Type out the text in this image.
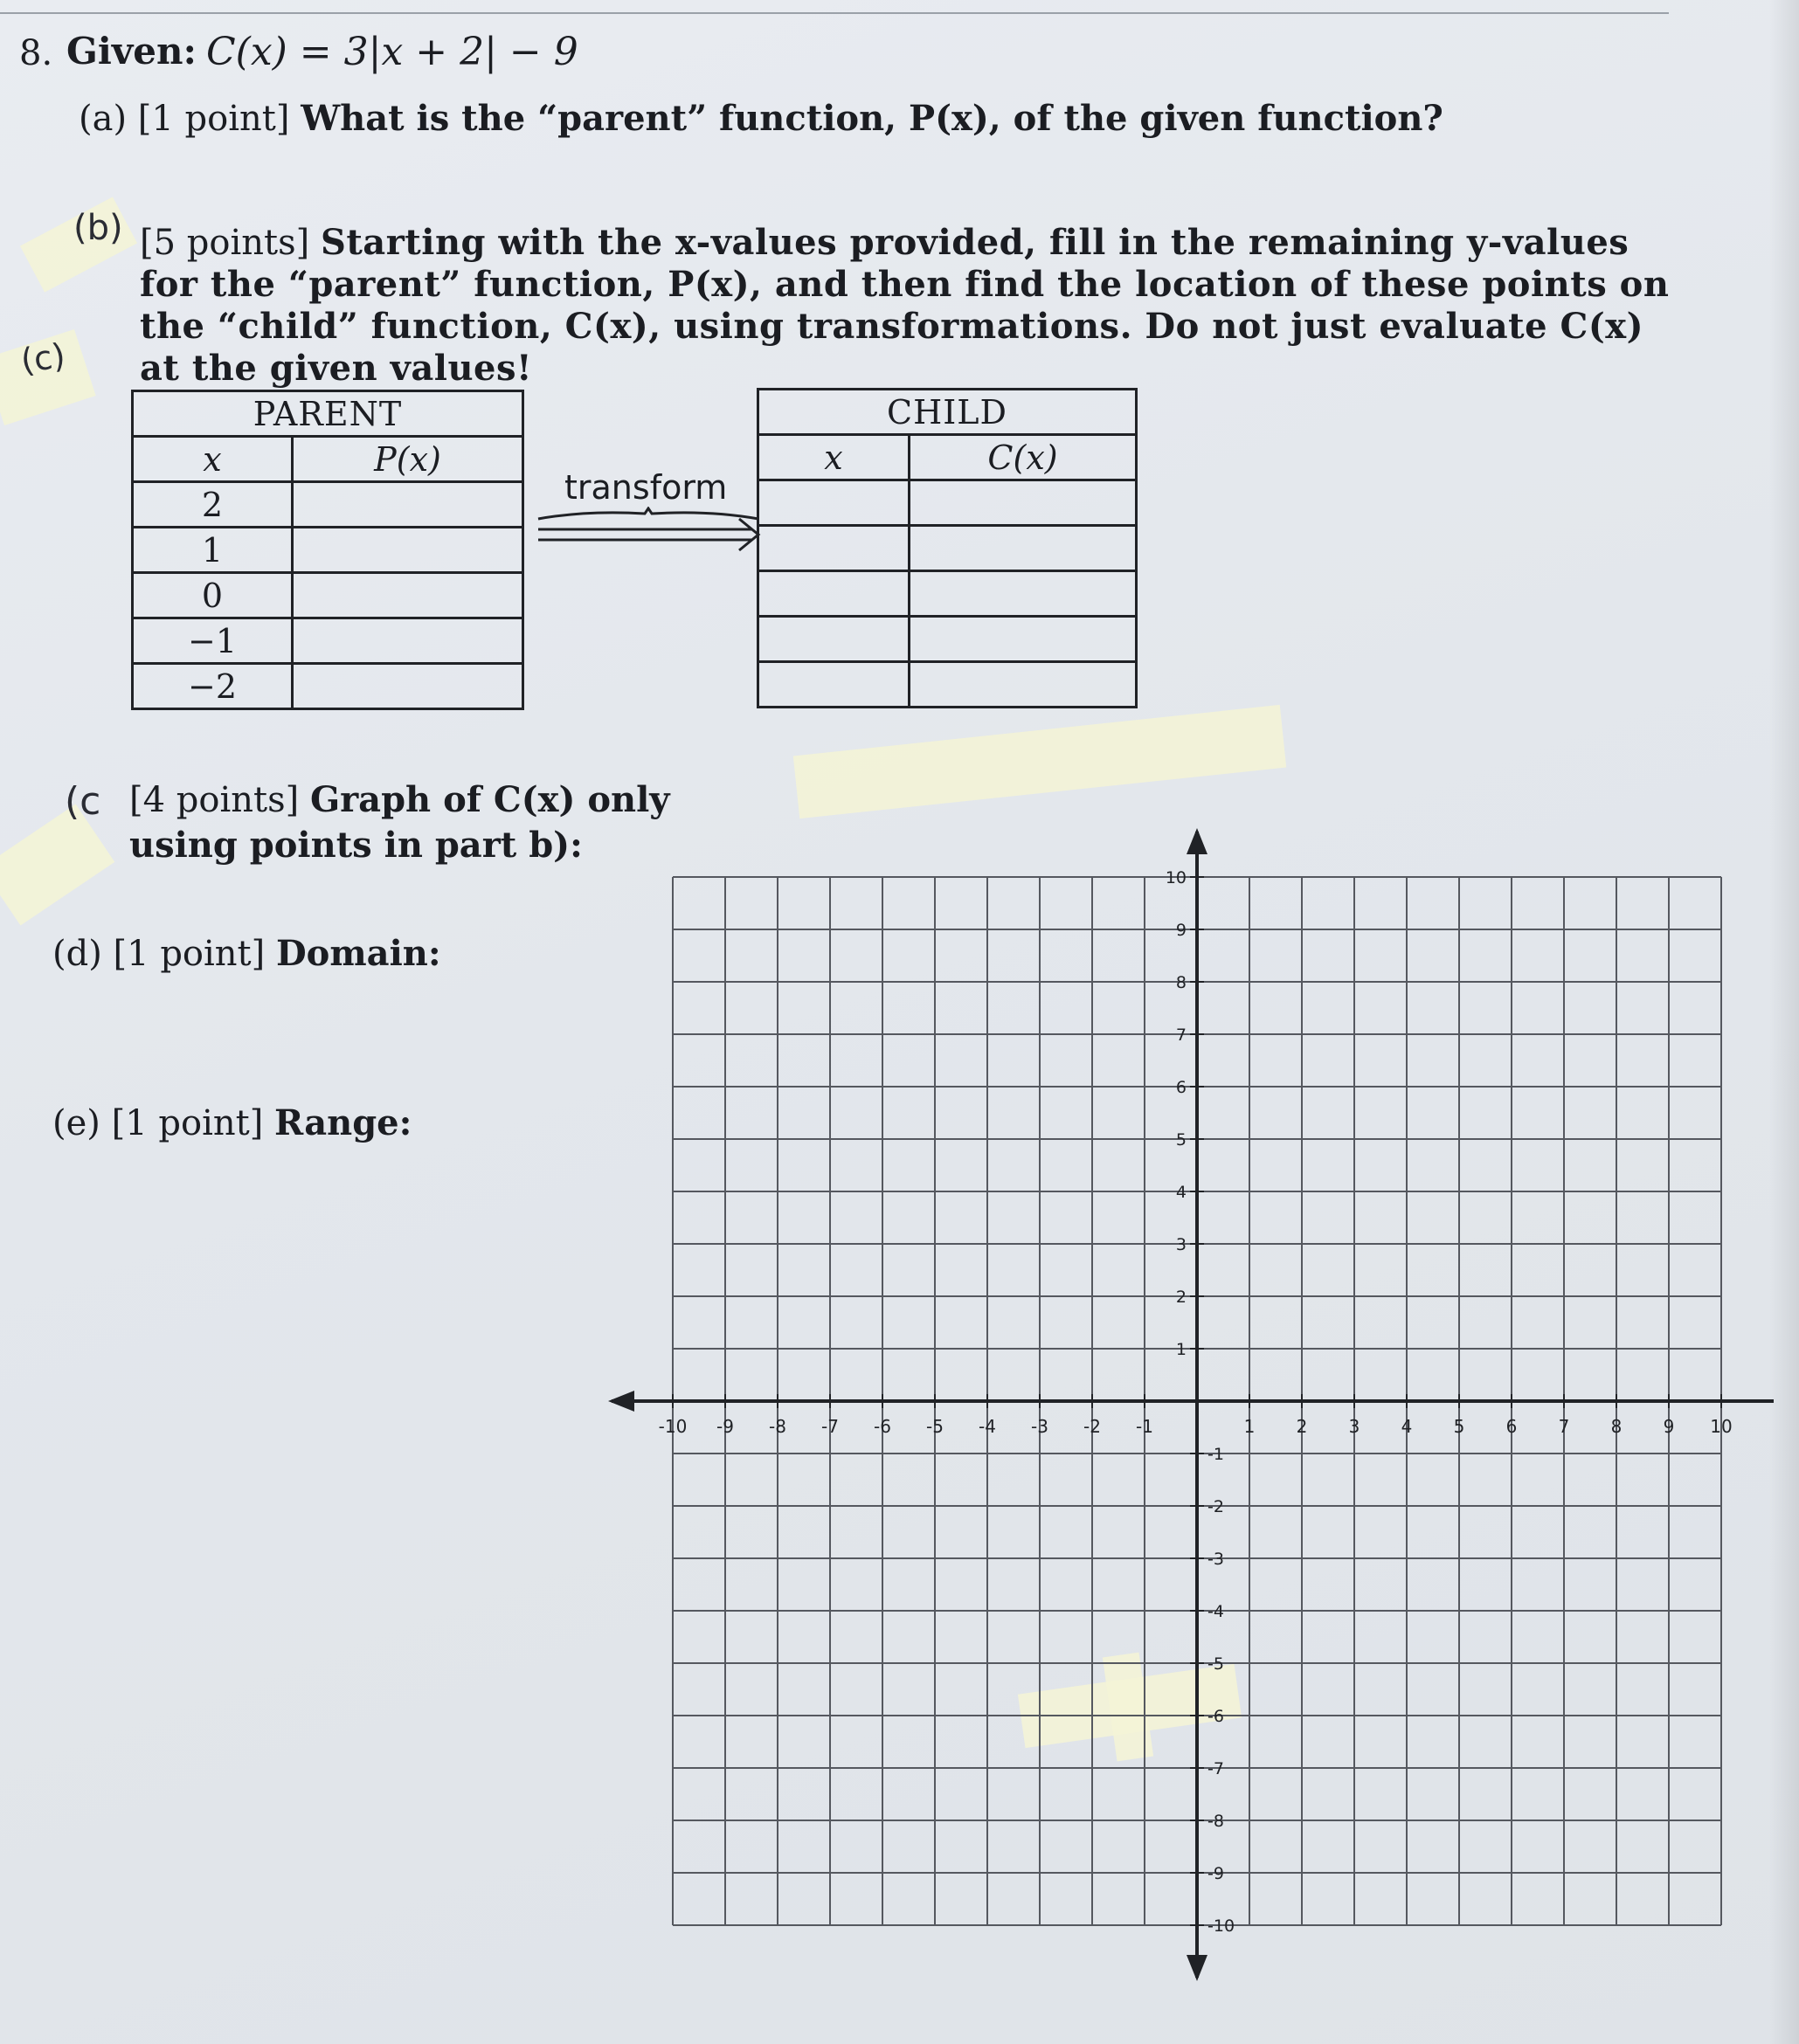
8. Given: C(x) = 3|x + 2| − 9
(a) [1 point] What is the “parent” function, P(x), of the given function?
[5 points] Starting with the x-values provided, fill in the remaining y-values for the “parent” function, P(x), and then find the location of these points on the “child” function, C(x), using transformations. Do not just evaluate C(x) at the given values!
(b)
(c)
(c
PARENT	
x	P(x)
2	
1	
0	
−1	
−2	
transform
CHILD	
x	C(x)

[4 points] Graph of C(x) only
using points in part b):
(d) [1 point] Domain:
(e) [1 point] Range:
-10 -9 -8 -7 -6 -5 -4 -3 -2 -1	1 2 3 4 5 6 7 8 9 10
10
9
8
7
6
5
4
3
2
1
-1
-2
-3
-4
-5
-6
-7
-8
-9
-10
